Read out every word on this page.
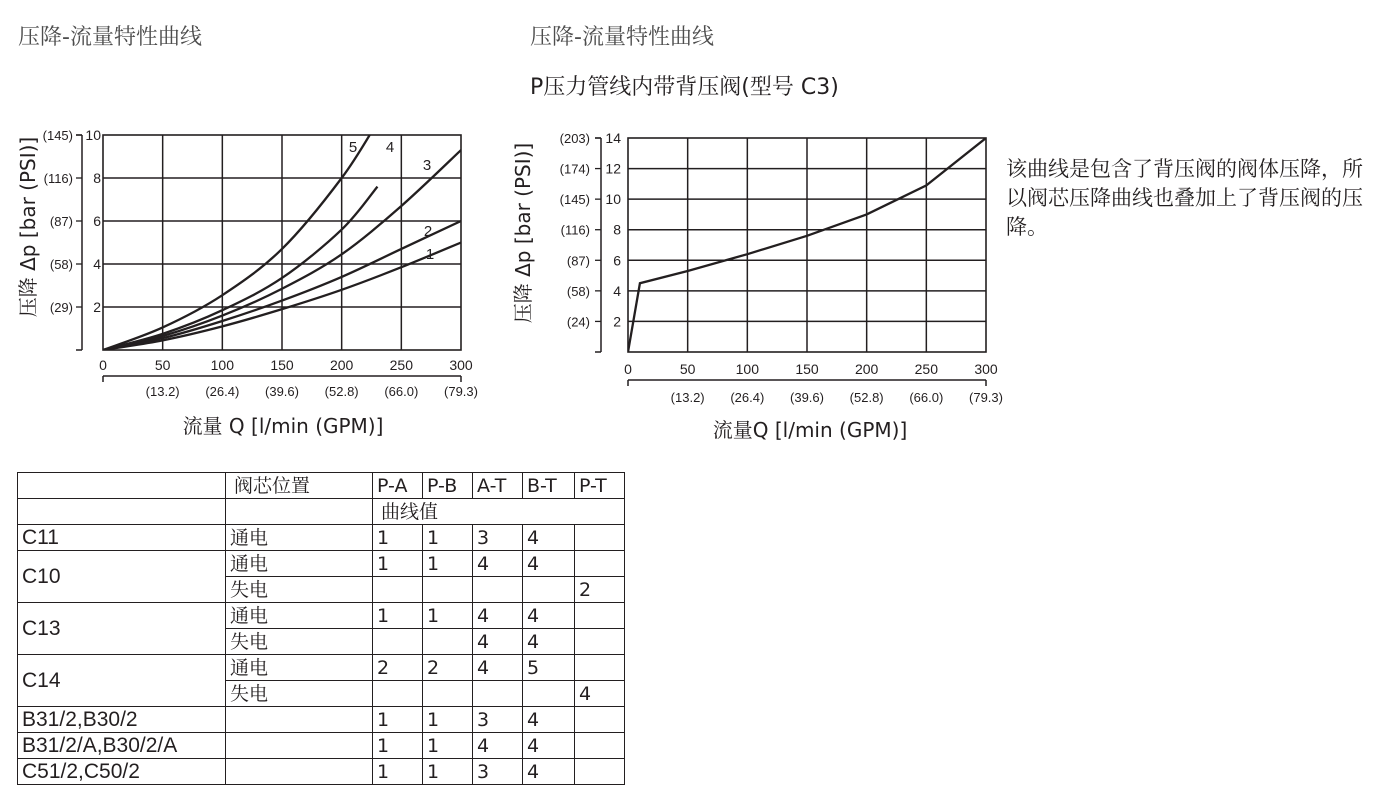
压降-流量特性曲线	压降-流量特性曲线
P压力管线内带背压阀(型号 C3)
该曲线是包含了背压阀的阀体压降，所以阀芯压降曲线也叠加上了背压阀的压降。
0	50	100	150	200	250	300
2
(29)
4
(58)
6
(87)
8
(116)
10
(145)
(13.2) (26.4) (39.6) (52.8) (66.0) (79.3)
流量 Q [l/min (GPM)]
压降 Δp [bar (PSI)]	1
2
3
4
5
0	50	100	150	200	250	300
2
(24)
4
(58)
6
(87)
8
(116)
10
(145)
12
(174)
14
(203)
(13.2) (26.4) (39.6) (52.8) (66.0) (79.3)
流量Q [l/min (GPM)]
压降 Δp [bar (PSI)]
	阀芯位置	P-A	P-B	A-T	B-T	P-T
		曲线值				
C11	通电	1	1	3	4	
C10	通电	1	1	4	4	
	失电					2
C13	通电	1	1	4	4	
	失电			4	4	
C14	通电	2	2	4	5	
	失电					4
B31/2,B30/2		1	1	3	4	
B31/2/A,B30/2/A		1	1	4	4	
C51/2,C50/2		1	1	3	4	
